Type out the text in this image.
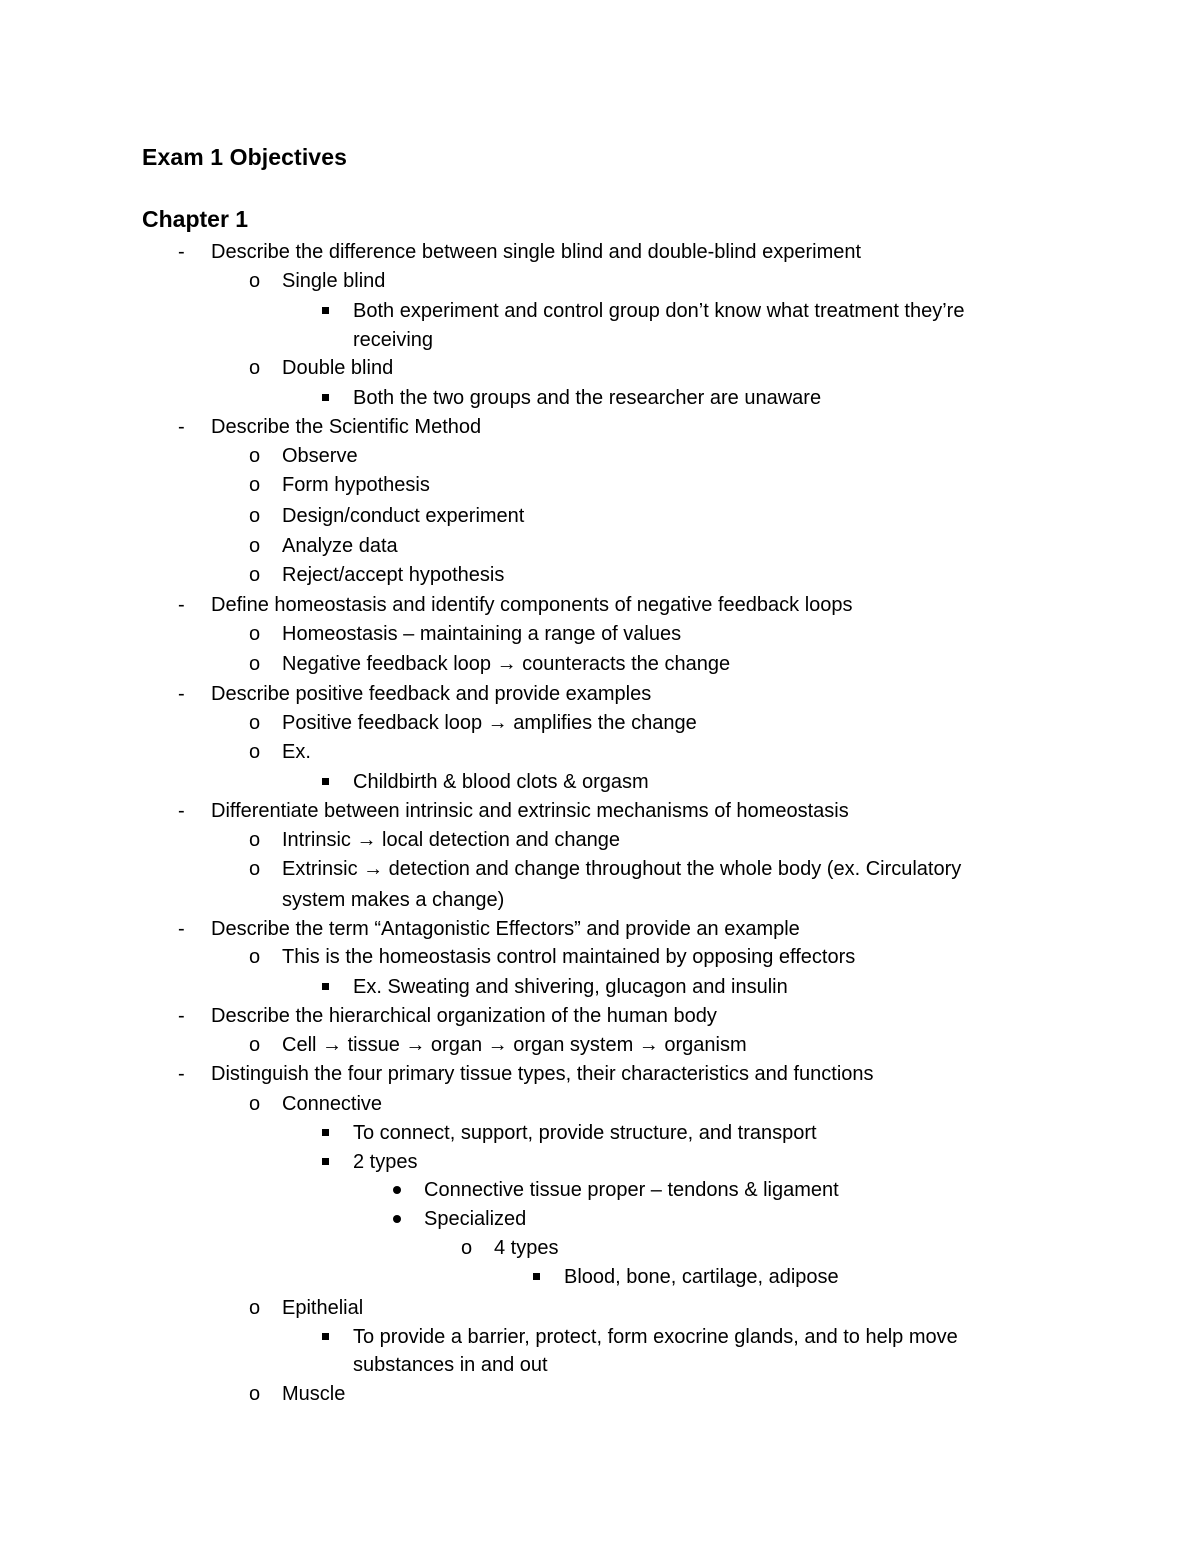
Exam 1 Objectives
Chapter 1
- Describe the difference between single blind and double-blind experiment
o Single blind
Both experiment and control group don’t know what treatment they’re
receiving
o Double blind
Both the two groups and the researcher are unaware
- Describe the Scientific Method
o Observe
o Form hypothesis
o Design/conduct experiment
o Analyze data
o Reject/accept hypothesis
- Define homeostasis and identify components of negative feedback loops
o Homeostasis – maintaining a range of values
o Negative feedback loop → counteracts the change
- Describe positive feedback and provide examples
o Positive feedback loop → amplifies the change
o Ex.
Childbirth & blood clots & orgasm
- Differentiate between intrinsic and extrinsic mechanisms of homeostasis
o Intrinsic → local detection and change
o Extrinsic → detection and change throughout the whole body (ex. Circulatory
system makes a change)
- Describe the term “Antagonistic Effectors” and provide an example
o This is the homeostasis control maintained by opposing effectors
Ex. Sweating and shivering, glucagon and insulin
- Describe the hierarchical organization of the human body
o Cell → tissue → organ → organ system → organism
- Distinguish the four primary tissue types, their characteristics and functions
o Connective
To connect, support, provide structure, and transport
2 types
Connective tissue proper – tendons & ligament
Specialized
o 4 types
Blood, bone, cartilage, adipose
o Epithelial
To provide a barrier, protect, form exocrine glands, and to help move
substances in and out
o Muscle
